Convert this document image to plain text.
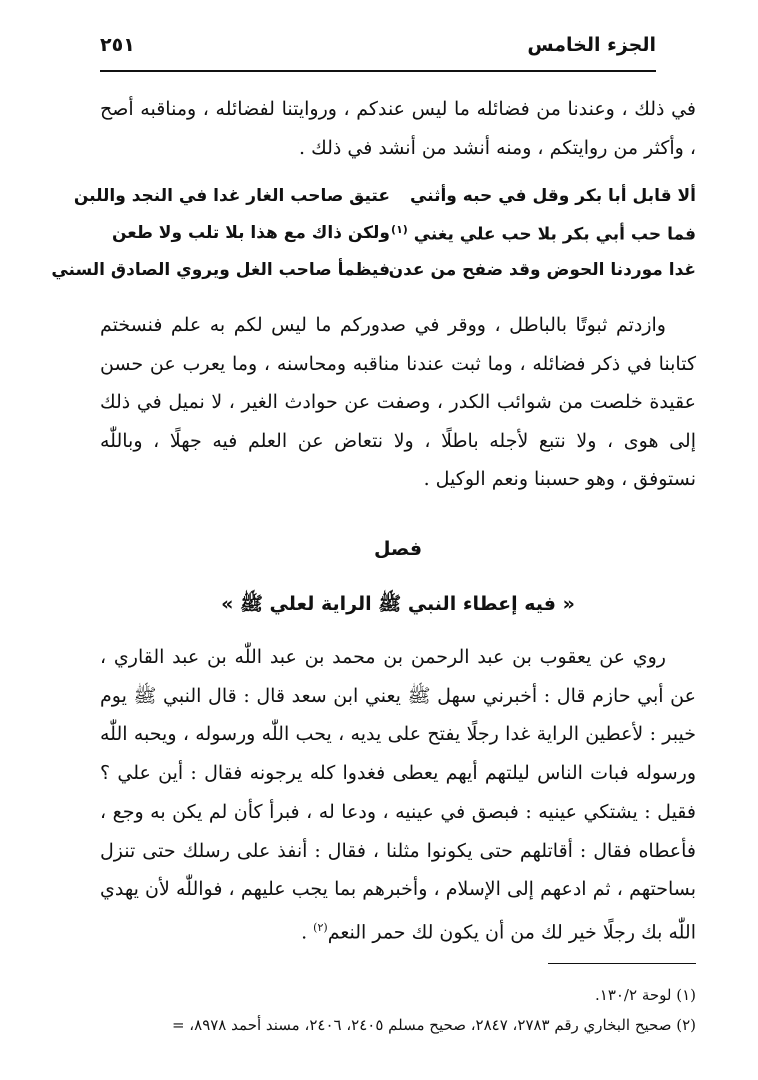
الجزء الخامس
٢٥١

في ذلك ، وعندنا من فضائله ما ليس عندكم ، وروايتنا لفضائله ، ومناقبه أصح ، وأكثر من روايتكم ، ومنه أنشد من أنشد في ذلك .

ألا قابل أبا بكر وقل في حبه وأثني
عتيق صاحب الغار غدا في النجد واللبن
فما حب أبي بكر بلا حب علي يغني $^{(١)}$
ولكن ذاك مع هذا بلا تلب ولا طعن
غدا موردنا الحوض وقد ضفح من عدن
فيظمأ صاحب الغل ويروي الصادق السني

وازدتم ثبوتًا بالباطل ، ووقر في صدوركم ما ليس لكم به علم فنسختم كتابنا في ذكر فضائله ، وما ثبت عندنا مناقبه ومحاسنه ، وما يعرب عن حسن عقيدة خلصت من شوائب الكدر ، وصفت عن حوادث الغير ، لا نميل في ذلك إلى هوى ، ولا نتبع لأجله باطلًا ، ولا نتعاض عن العلم فيه جهلًا ، وباللّٰه نستوفق ، وهو حسبنا ونعم الوكيل .

فصل
« فيه إعطاء النبي ﷺ الراية لعلي ﷺ »

روي عن يعقوب بن عبد الرحمن بن محمد بن عبد اللّٰه بن عبد القاري ، عن أبي حازم قال : أخبرني سهل ﷺ يعني ابن سعد قال : قال النبي ﷺ يوم خيبر : لأعطين الراية غدا رجلًا يفتح على يديه ، يحب اللّٰه ورسوله ، ويحبه اللّٰه ورسوله فبات الناس ليلتهم أيهم يعطى فغدوا كله يرجونه فقال : أين علي ؟ فقيل : يشتكي عينيه : فبصق في عينيه ، ودعا له ، فبرأ كأن لم يكن به وجع ، فأعطاه فقال : أقاتلهم حتى يكونوا مثلنا ، فقال : أنفذ على رسلك حتى تنزل بساحتهم ، ثم ادعهم إلى الإسلام ، وأخبرهم بما يجب عليهم ، فواللّٰه لأن يهدي اللّٰه بك رجلًا خير لك من أن يكون لك حمر النعم$^{(٢)}$ .

(١) لوحة ١٣٠/٢.

(٢) صحيح البخاري رقم ٢٧٨٣، ٢٨٤٧، صحيح مسلم ٢٤٠٥، ٢٤٠٦، مسند أحمد ٨٩٧٨، =
